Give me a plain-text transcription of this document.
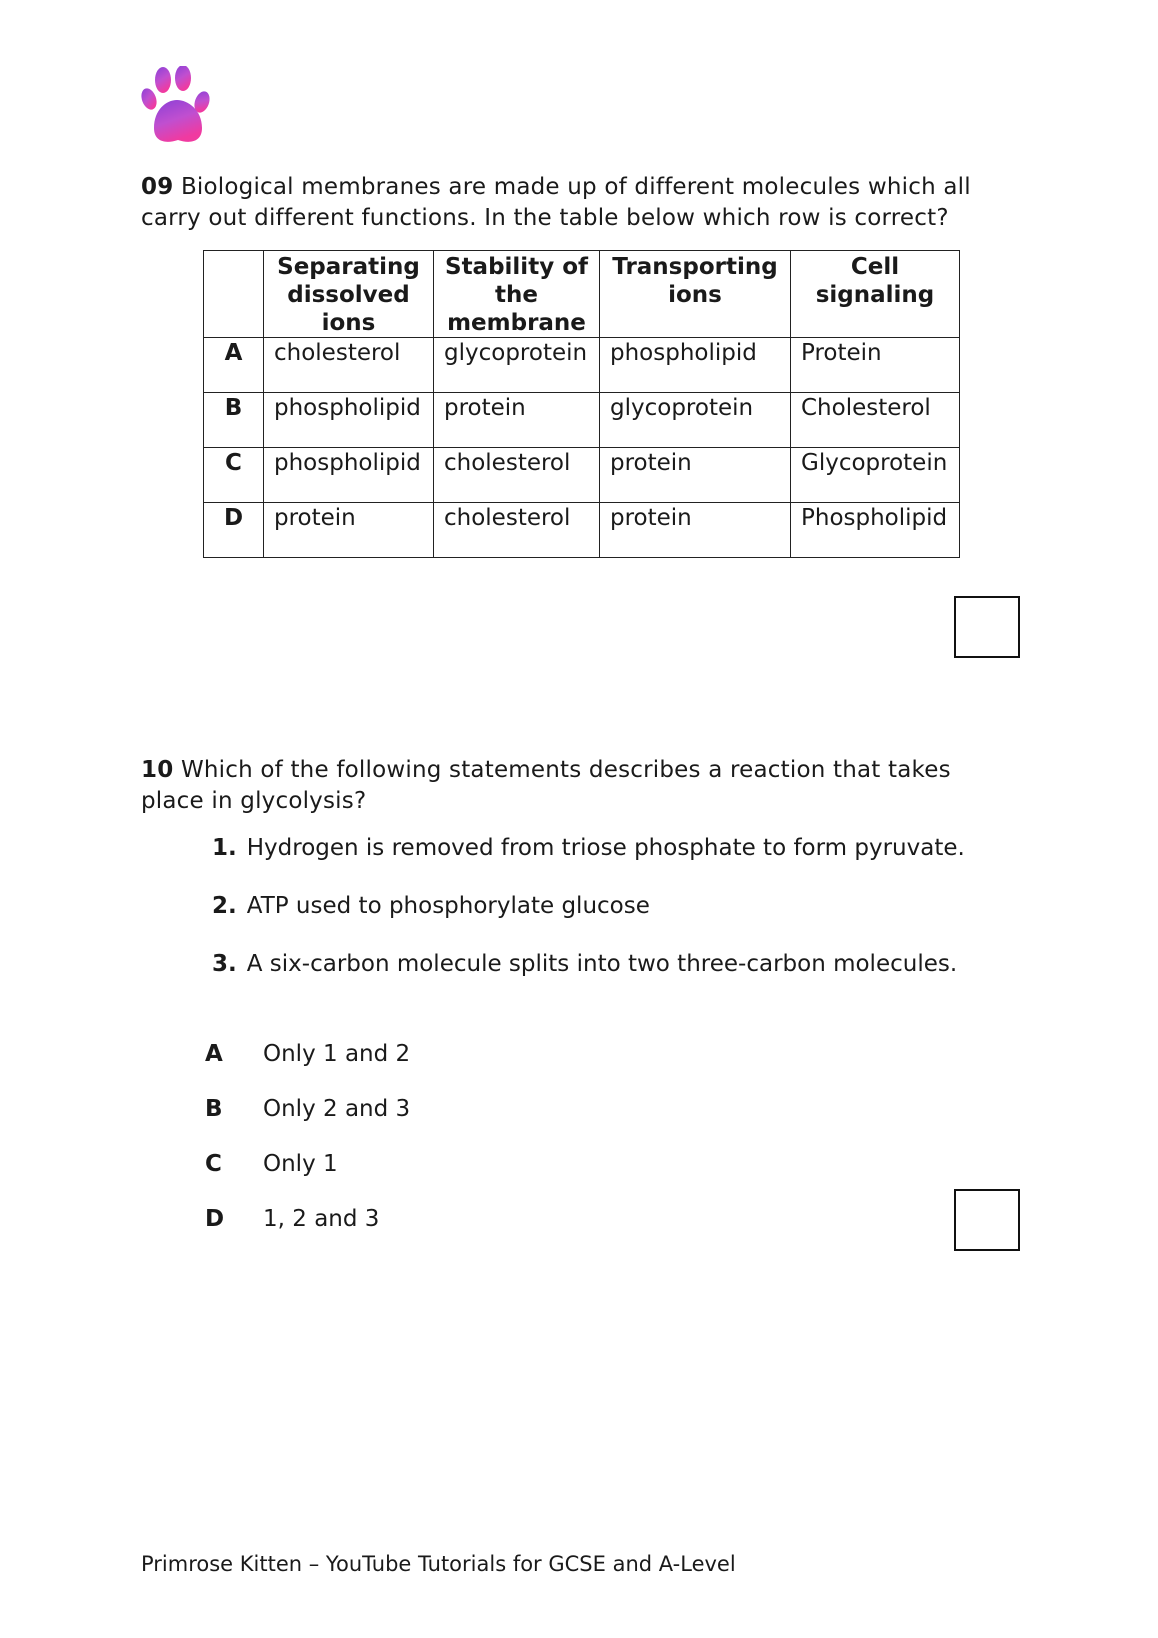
09 Biological membranes are made up of different molecules which all carry out different functions. In the table below which row is correct?
	Separating dissolved ions	Stability of the membrane	Transporting ions	Cell signaling
A	cholesterol	glycoprotein	phospholipid	Protein
B	phospholipid	protein	glycoprotein	Cholesterol
C	phospholipid	cholesterol	protein	Glycoprotein
D	protein	cholesterol	protein	Phospholipid
10 Which of the following statements describes a reaction that takes place in glycolysis?
1. Hydrogen is removed from triose phosphate to form pyruvate.
2. ATP used to phosphorylate glucose
3. A six-carbon molecule splits into two three-carbon molecules.
A Only 1 and 2
B Only 2 and 3
C Only 1
D 1, 2 and 3
Primrose Kitten – YouTube Tutorials for GCSE and A-Level
